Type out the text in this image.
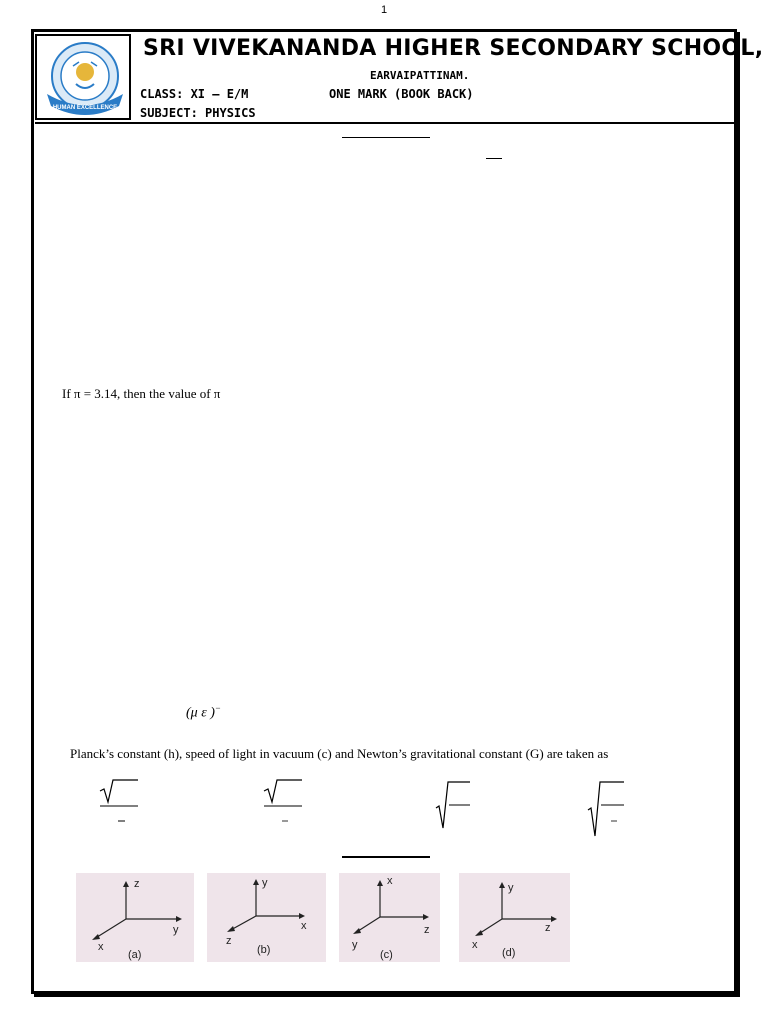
1
HUMAN EXCELLENCE
SRI VIVEKANANDA HIGHER SECONDARY SCHOOL,
EARVAIPATTINAM.
CLASS: XI – E/M	ONE MARK (BOOK BACK)
SUBJECT: PHYSICS
If π = 3.14, then the value of π
(μ ε )−
Planck’s constant (h), speed of light in vacuum (c) and Newton’s gravitational constant (G) are taken as
z
y
x
(a)
y
x
z
(b)
x
z
y
(c)
y
z
x
(d)
